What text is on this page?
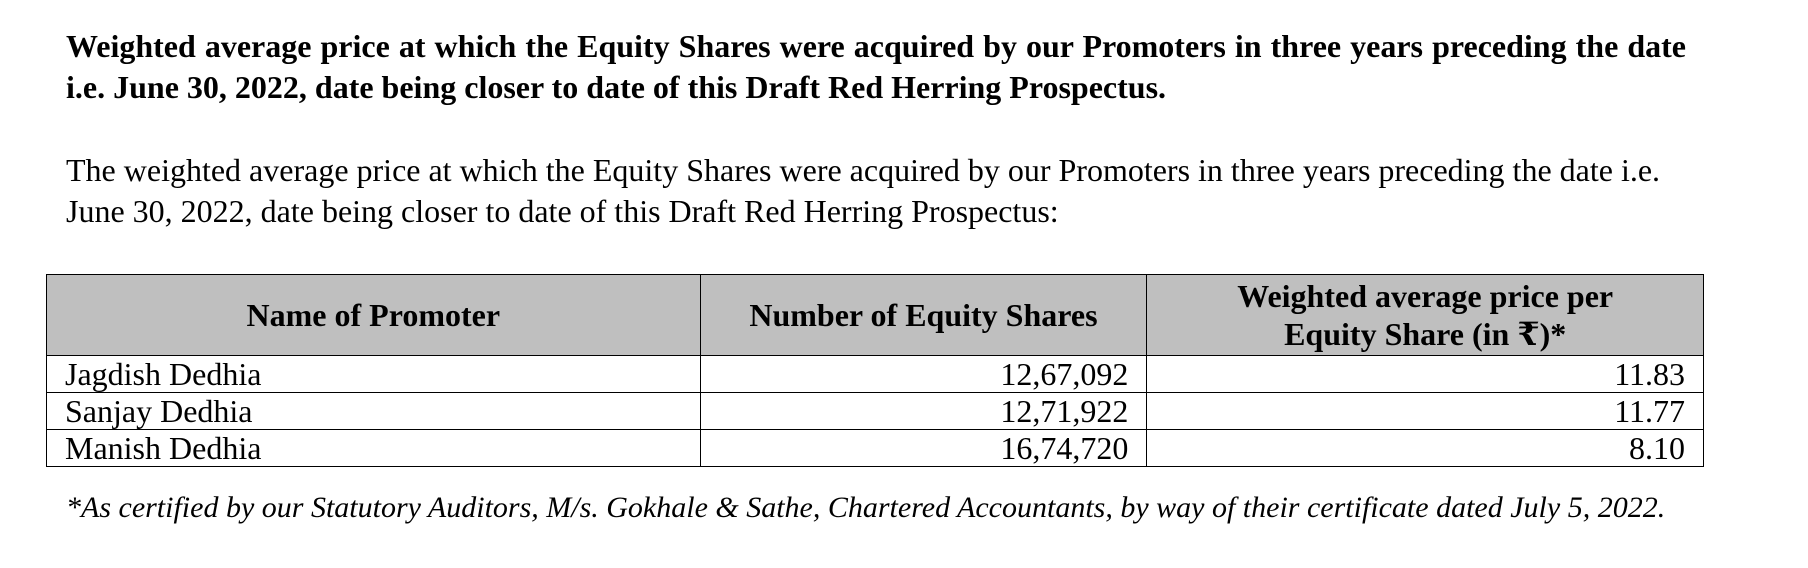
Weighted average price at which the Equity Shares were acquired by our Promoters in three years preceding the date i.e. June 30, 2022, date being closer to date of this Draft Red Herring Prospectus.
The weighted average price at which the Equity Shares were acquired by our Promoters in three years preceding the date i.e. June 30, 2022, date being closer to date of this Draft Red Herring Prospectus:
Name of Promoter	Number of Equity Shares	Weighted average price per
Equity Share (in ₹)*
Jagdish Dedhia	12,67,092	11.83
Sanjay Dedhia	12,71,922	11.77
Manish Dedhia	16,74,720	8.10
*As certified by our Statutory Auditors, M/s. Gokhale & Sathe, Chartered Accountants, by way of their certificate dated July 5, 2022.
